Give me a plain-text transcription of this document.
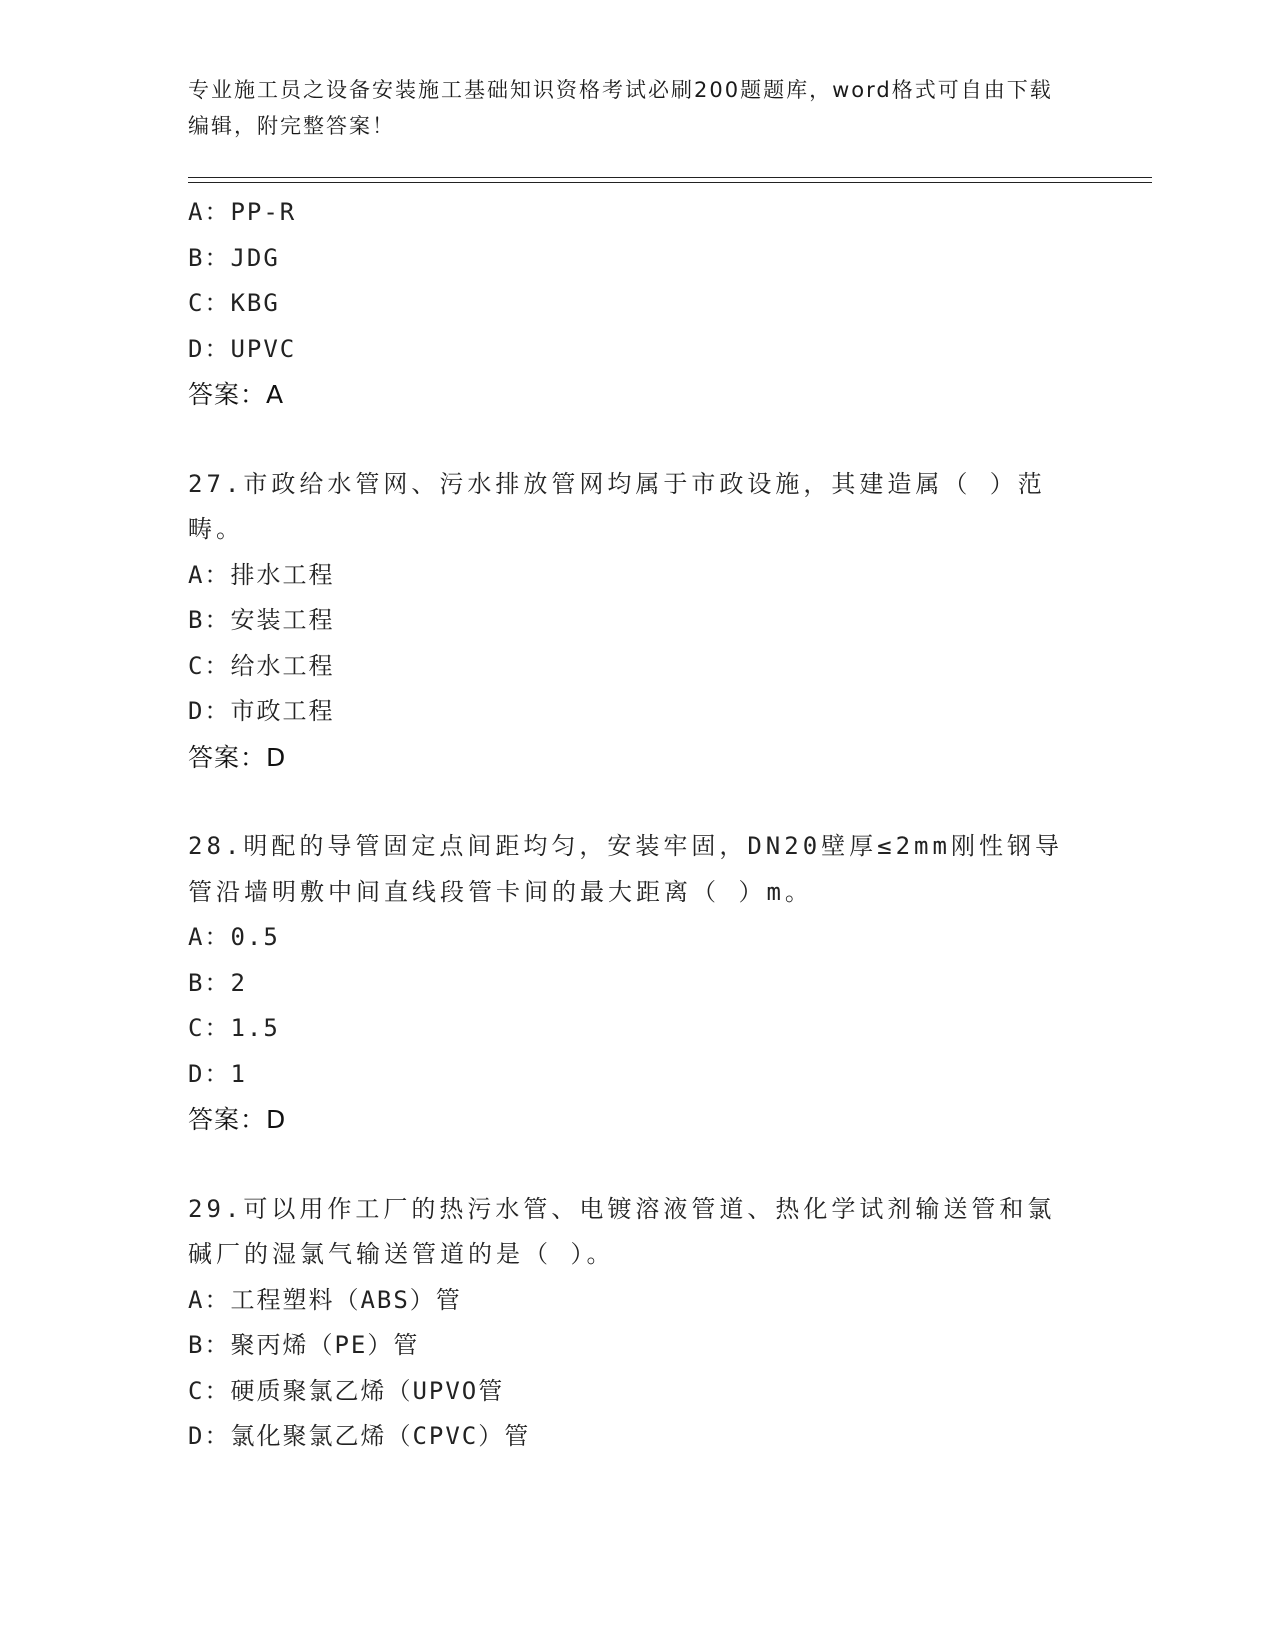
专业施工员之设备安装施工基础知识资格考试必刷200题题库，word格式可自由下载编辑，附完整答案！
A：PP-R
B：JDG
C：KBG
D：UPVC
答案：A
27.市政给水管网、污水排放管网均属于市政设施，其建造属（ ）范畴。
A：排水工程
B：安装工程
C：给水工程
D：市政工程
答案：D
28.明配的导管固定点间距均匀，安装牢固，DN20壁厚≤2mm刚性钢导管沿墙明敷中间直线段管卡间的最大距离（ ）m。
A：0.5
B：2
C：1.5
D：1
答案：D
29.可以用作工厂的热污水管、电镀溶液管道、热化学试剂输送管和氯碱厂的湿氯气输送管道的是（ ）。
A：工程塑料（ABS）管
B：聚丙烯（PE）管
C：硬质聚氯乙烯（UPVO管
D：氯化聚氯乙烯（CPVC）管
